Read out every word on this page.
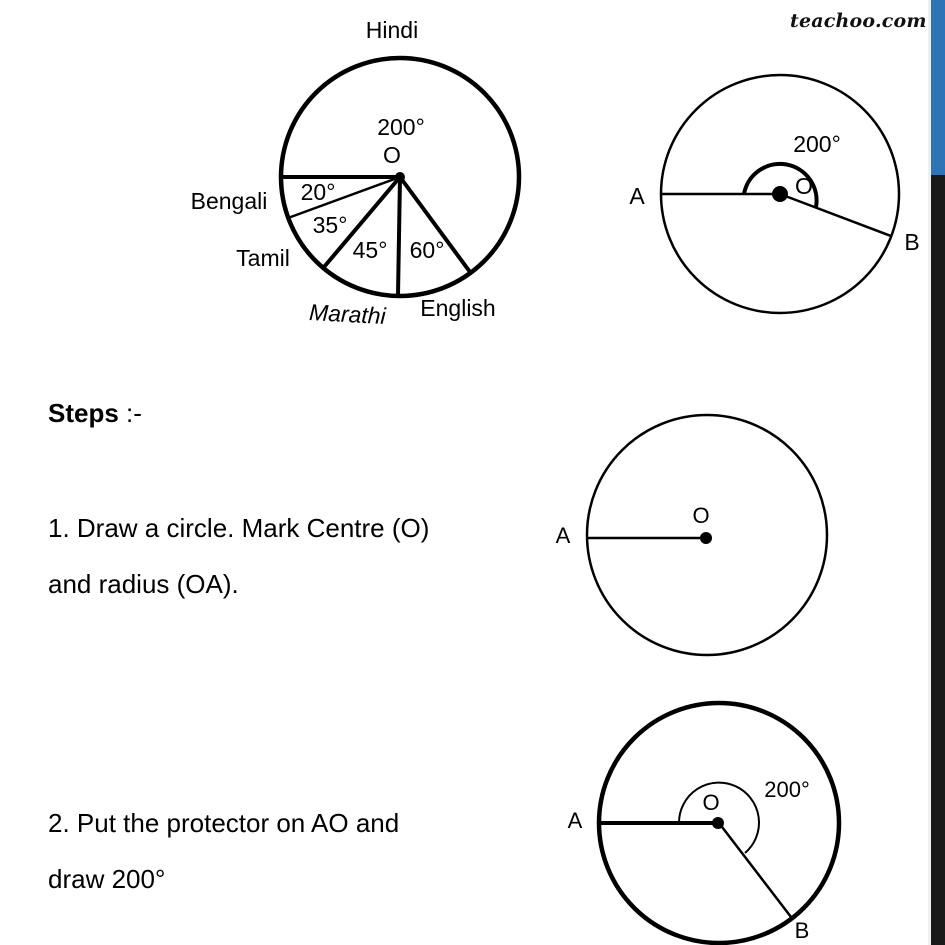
teachoo.com
O
Hindi
200°
Bengali 20°
Tamil
35°
Marathi
45°
English
60°
200°
O
A
B
O
A
O
200°
A
B
Steps :-
1. Draw a circle. Mark Centre (O)
and radius (OA).
2. Put the protector on AO and
draw 200°
